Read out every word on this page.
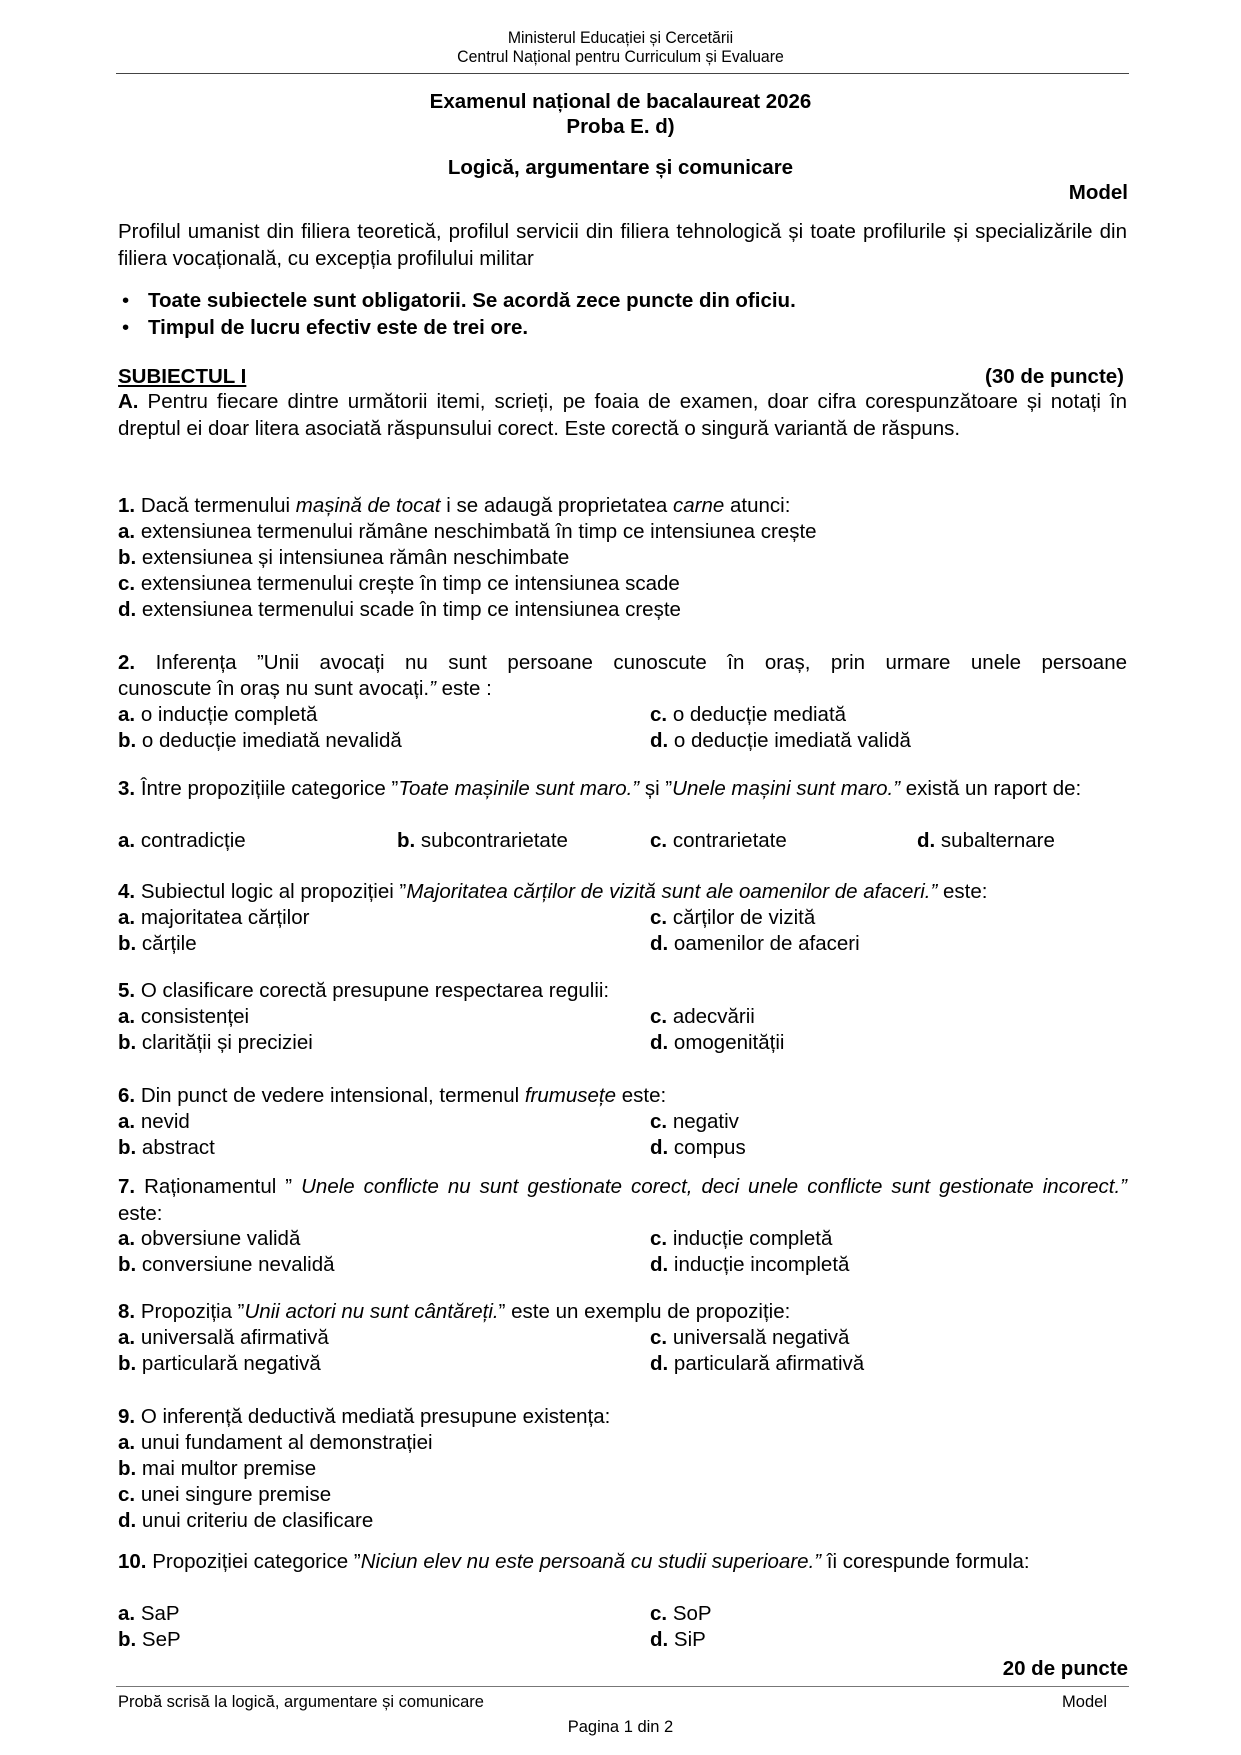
Ministerul Educației și Cercetării
Centrul Național pentru Curriculum și Evaluare
Examenul național de bacalaureat 2026
Proba E. d)
Logică, argumentare și comunicare
Model
Profilul umanist din filiera teoretică, profilul servicii din filiera tehnologică și toate profilurile și specializările din filiera vocațională, cu excepția profilului militar
• Toate subiectele sunt obligatorii. Se acordă zece puncte din oficiu.
• Timpul de lucru efectiv este de trei ore.
SUBIECTUL I	(30 de puncte)
A. Pentru fiecare dintre următorii itemi, scrieți, pe foaia de examen, doar cifra corespunzătoare și notați în dreptul ei doar litera asociată răspunsului corect. Este corectă o singură variantă de răspuns.
1. Dacă termenului mașină de tocat i se adaugă proprietatea carne atunci:
a. extensiunea termenului rămâne neschimbată în timp ce intensiunea crește
b. extensiunea și intensiunea rămân neschimbate
c. extensiunea termenului crește în timp ce intensiunea scade
d. extensiunea termenului scade în timp ce intensiunea crește
2. Inferența ”Unii avocați nu sunt persoane cunoscute în oraș, prin urmare unele persoane
cunoscute în oraș nu sunt avocați.” este :
a. o inducție completă	c. o deducție mediată
b. o deducție imediată nevalidă	d. o deducție imediată validă
3. Între propozițiile categorice ”Toate mașinile sunt maro.” și ”Unele mașini sunt maro.” există un raport de:
a. contradicție	b. subcontrarietate	c. contrarietate	d. subalternare
4. Subiectul logic al propoziției ”Majoritatea cărților de vizită sunt ale oamenilor de afaceri.” este:
a. majoritatea cărților	c. cărților de vizită
b. cărțile	d. oamenilor de afaceri
5. O clasificare corectă presupune respectarea regulii:
a. consistenței	c. adecvării
b. clarității și preciziei	d. omogenității
6. Din punct de vedere intensional, termenul frumusețe este:
a. nevid	c. negativ
b. abstract	d. compus
7. Raționamentul ” Unele conflicte nu sunt gestionate corect, deci unele conflicte sunt gestionate incorect.” este:
a. obversiune validă	c. inducție completă
b. conversiune nevalidă	d. inducție incompletă
8. Propoziția ”Unii actori nu sunt cântăreți.” este un exemplu de propoziție:
a. universală afirmativă	c. universală negativă
b. particulară negativă	d. particulară afirmativă
9. O inferență deductivă mediată presupune existența:
a. unui fundament al demonstrației
b. mai multor premise
c. unei singure premise
d. unui criteriu de clasificare
10. Propoziției categorice ”Niciun elev nu este persoană cu studii superioare.” îi corespunde formula:
a. SaP	c. SoP
b. SeP	d. SiP
20 de puncte
Probă scrisă la logică, argumentare și comunicare	Model
Pagina 1 din 2
